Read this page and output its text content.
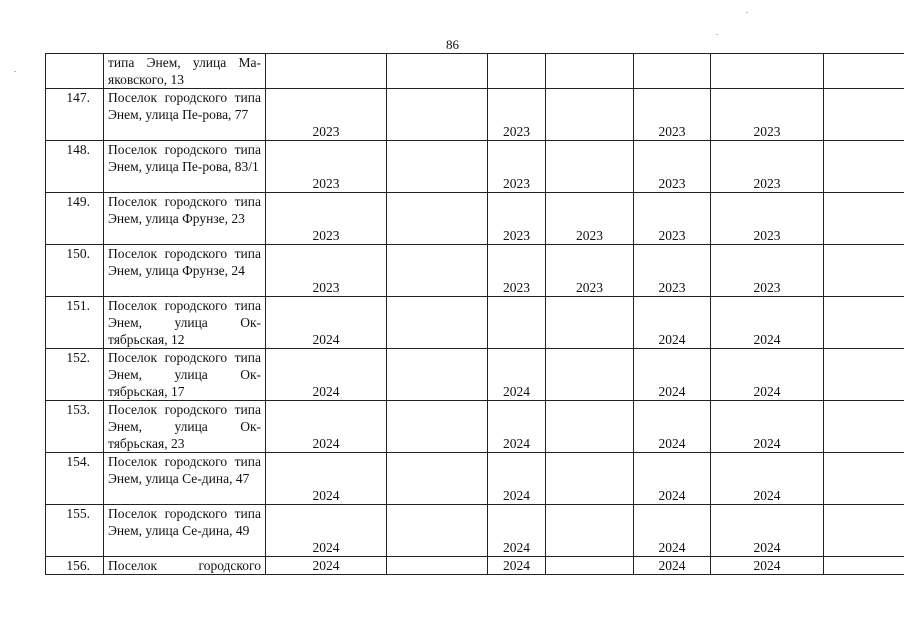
86
	типа Энем, улица Ма-яковского, 13							
147.	Поселок городского типа Энем, улица Пе-рова, 77	2023		2023		2023	2023	
148.	Поселок городского типа Энем, улица Пе-рова, 83/1	2023		2023		2023	2023	
149.	Поселок городского типа Энем, улица Фрунзе, 23	2023		2023	2023	2023	2023	
150.	Поселок городского типа Энем, улица Фрунзе, 24	2023		2023	2023	2023	2023	
151.	Поселок городского типа Энем, улица Ок-тябрьская, 12	2024				2024	2024	
152.	Поселок городского типа Энем, улица Ок-тябрьская, 17	2024		2024		2024	2024	
153.	Поселок городского типа Энем, улица Ок-тябрьская, 23	2024		2024		2024	2024	
154.	Поселок городского типа Энем, улица Се-дина, 47	2024		2024		2024	2024	
155.	Поселок городского типа Энем, улица Се-дина, 49	2024		2024		2024	2024	
156.	Поселок городского	2024		2024		2024	2024	
